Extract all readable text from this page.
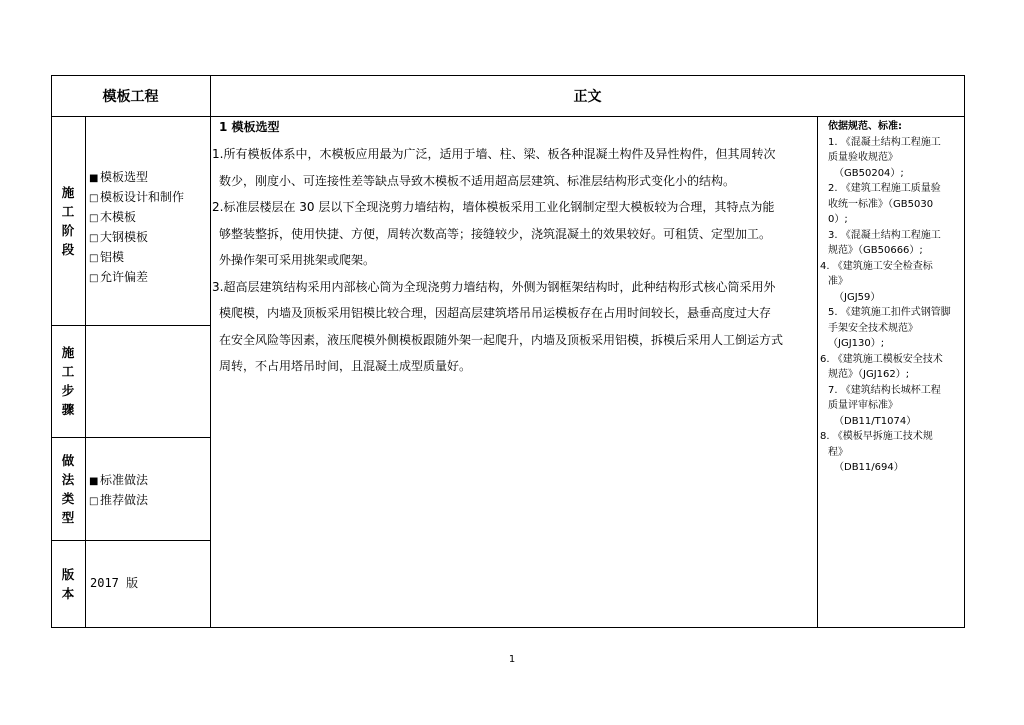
模板工程	正文
施
工
阶
段
■ 模板选型
□ 模板设计和制作
□ 木模板
□ 大钢模板
□ 铝模
□ 允许偏差
施
工
步
骤
做
法
类
型
■ 标准做法
□ 推荐做法
版
本
2017 版

1 模板选型

1.所有模板体系中，木模板应用最为广泛，适用于墙、柱、梁、板各种混凝土构件及异性构件，但其周转次

数少，刚度小、可连接性差等缺点导致木模板不适用超高层建筑、标准层结构形式变化小的结构。

2.标准层楼层在 30 层以下全现浇剪力墙结构，墙体模板采用工业化钢制定型大模板较为合理，其特点为能

够整装整拆，使用快捷、方便，周转次数高等；接缝较少，浇筑混凝土的效果较好。可租赁、定型加工。

外操作架可采用挑架或爬架。

3.超高层建筑结构采用内部核心筒为全现浇剪力墙结构，外侧为钢框架结构时，此种结构形式核心筒采用外

模爬模，内墙及顶板采用铝模比较合理，因超高层建筑塔吊吊运模板存在占用时间较长，悬垂高度过大存

在安全风险等因素，液压爬模外侧模板跟随外架一起爬升，内墙及顶板采用铝模，拆模后采用人工倒运方式

周转，不占用塔吊时间，且混凝土成型质量好。

依据规范、标准:

1. 《混凝土结构工程施工

质量验收规范》

（GB50204）;

2. 《建筑工程施工质量验

收统一标准》（GB5030

0）;

3. 《混凝土结构工程施工

规范》（GB50666）;

4. 《建筑施工安全检查标

准》

（JGJ59）

5. 《建筑施工扣件式钢管脚

手架安全技术规范》

（JGJ130）;

6. 《建筑施工模板安全技术

规范》（JGJ162）;

7. 《建筑结构长城杯工程

质量评审标准》

（DB11/T1074）

8. 《模板早拆施工技术规

程》

（DB11/694）

1
